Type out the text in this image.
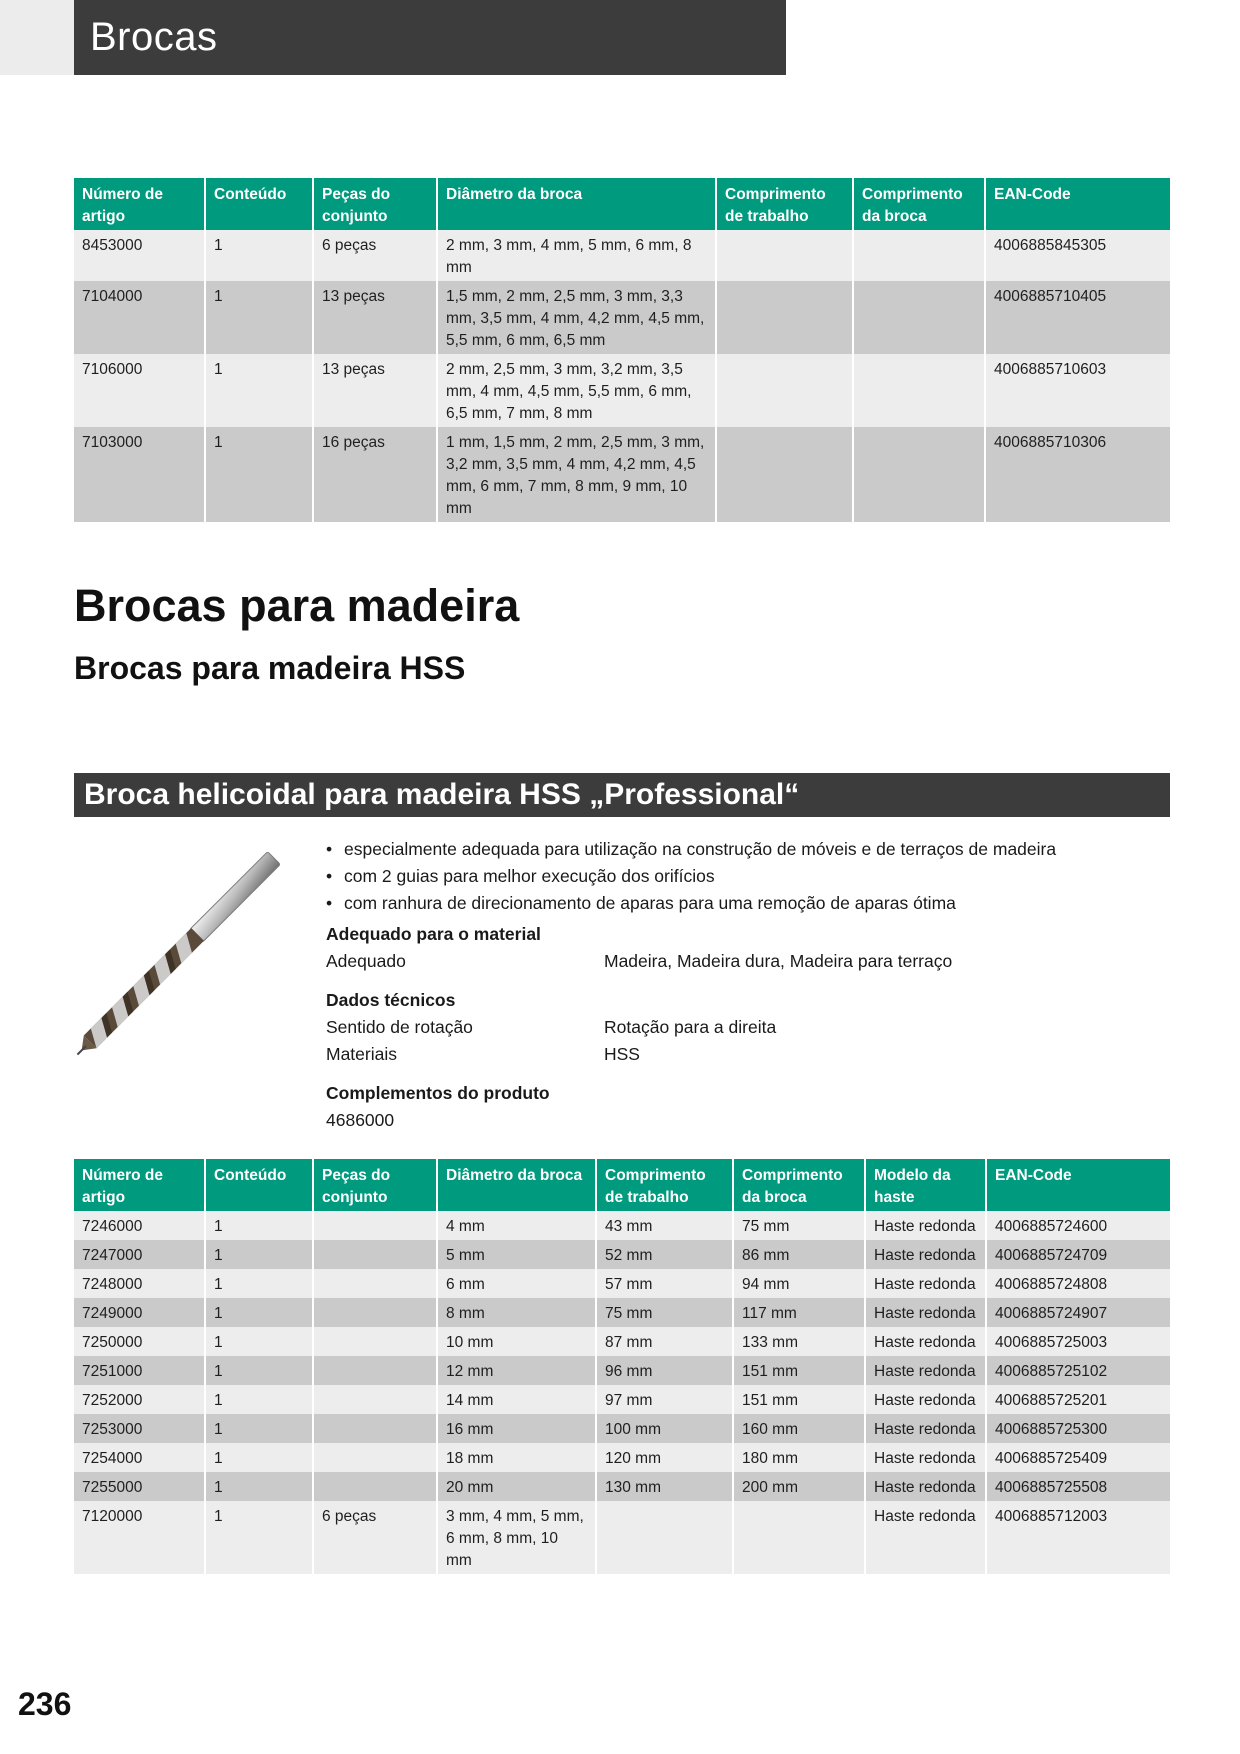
Brocas
Número de artigo	Conteúdo	Peças do conjunto	Diâmetro da broca	Comprimento de trabalho	Comprimento da broca	EAN-Code
8453000	1	6 peças	2 mm, 3 mm, 4 mm, 5 mm, 6 mm, 8 mm			4006885845305
7104000	1	13 peças	1,5 mm, 2 mm, 2,5 mm, 3 mm, 3,3 mm, 3,5 mm, 4 mm, 4,2 mm, 4,5 mm, 5,5 mm, 6 mm, 6,5 mm			4006885710405
7106000	1	13 peças	2 mm, 2,5 mm, 3 mm, 3,2 mm, 3,5 mm, 4 mm, 4,5 mm, 5,5 mm, 6 mm, 6,5 mm, 7 mm, 8 mm			4006885710603
7103000	1	16 peças	1 mm, 1,5 mm, 2 mm, 2,5 mm, 3 mm, 3,2 mm, 3,5 mm, 4 mm, 4,2 mm, 4,5 mm, 6 mm, 7 mm, 8 mm, 9 mm, 10 mm			4006885710306
Brocas para madeira
Brocas para madeira HSS
Broca helicoidal para madeira HSS „Professional“
• especialmente adequada para utilização na construção de móveis e de terraços de madeira
• com 2 guias para melhor execução dos orifícios
• com ranhura de direcionamento de aparas para uma remoção de aparas ótima
Adequado para o material
Adequado	Madeira, Madeira dura, Madeira para terraço
Dados técnicos
Sentido de rotação	Rotação para a direita
Materiais	HSS
Complementos do produto
4686000
Número de artigo	Conteúdo	Peças do conjunto	Diâmetro da broca	Comprimento de trabalho	Comprimento da broca	Modelo da haste	EAN-Code
7246000	1		4 mm	43 mm	75 mm	Haste redonda	4006885724600
7247000	1		5 mm	52 mm	86 mm	Haste redonda	4006885724709
7248000	1		6 mm	57 mm	94 mm	Haste redonda	4006885724808
7249000	1		8 mm	75 mm	117 mm	Haste redonda	4006885724907
7250000	1		10 mm	87 mm	133 mm	Haste redonda	4006885725003
7251000	1		12 mm	96 mm	151 mm	Haste redonda	4006885725102
7252000	1		14 mm	97 mm	151 mm	Haste redonda	4006885725201
7253000	1		16 mm	100 mm	160 mm	Haste redonda	4006885725300
7254000	1		18 mm	120 mm	180 mm	Haste redonda	4006885725409
7255000	1		20 mm	130 mm	200 mm	Haste redonda	4006885725508
7120000	1	6 peças	3 mm, 4 mm, 5 mm, 6 mm, 8 mm, 10 mm			Haste redonda	4006885712003
236
